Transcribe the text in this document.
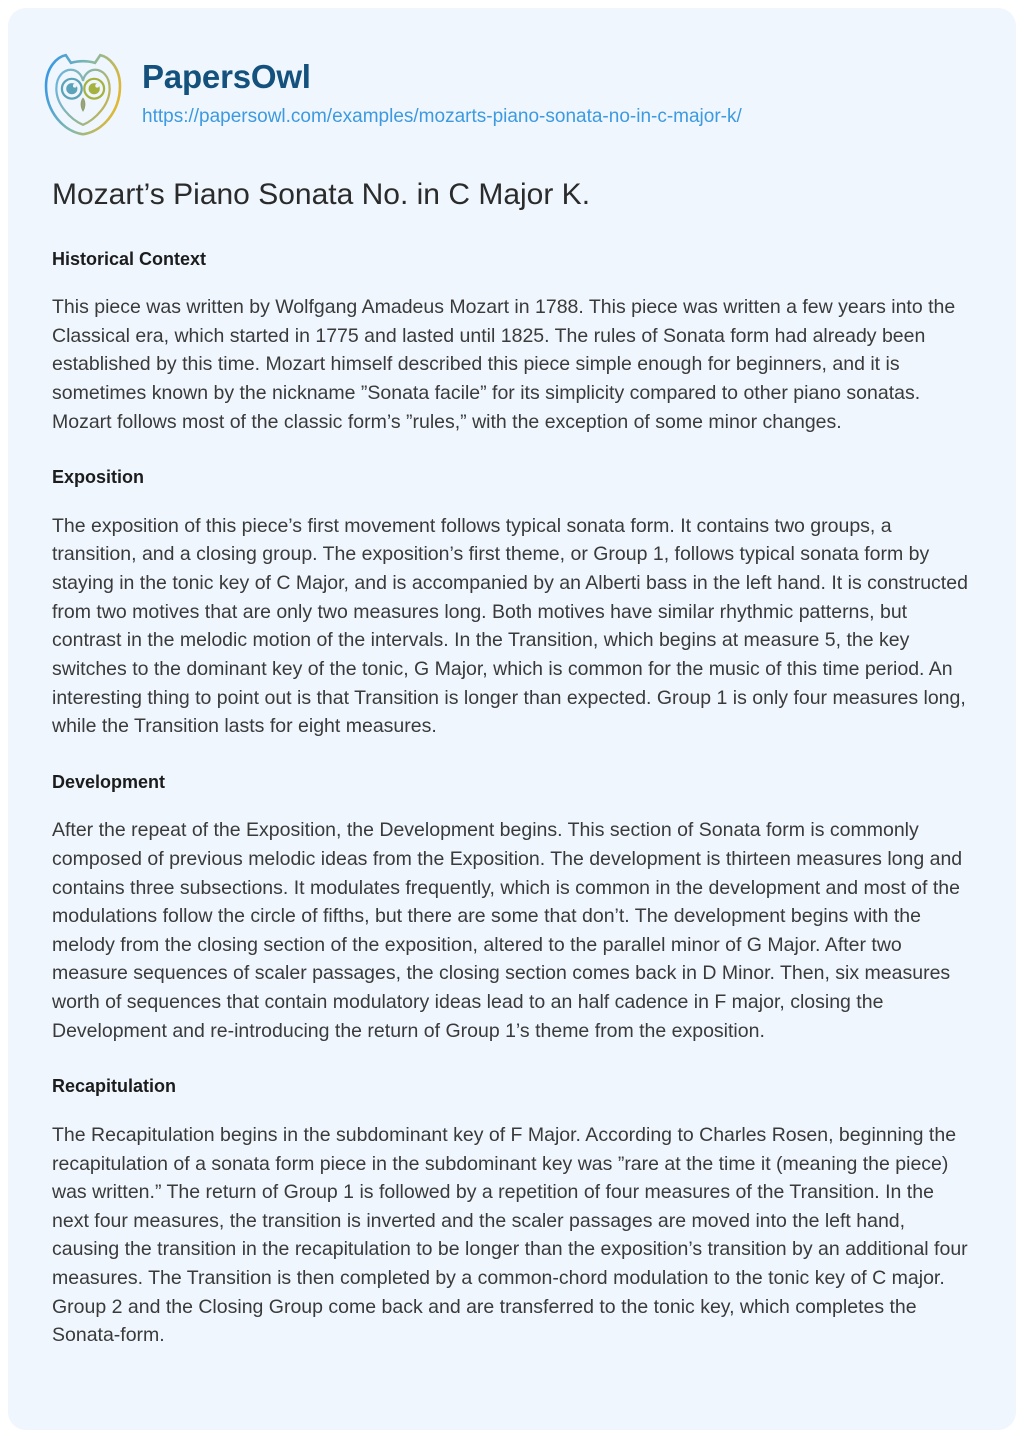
PapersOwl
https://papersowl.com/examples/mozarts-piano-sonata-no-in-c-major-k/
Mozart’s Piano Sonata No. in C Major K.
Historical Context

This piece was written by Wolfgang Amadeus Mozart in 1788. This piece was written a few years into the Classical era, which started in 1775 and lasted until 1825. The rules of Sonata form had already been established by this time. Mozart himself described this piece simple enough for beginners, and it is sometimes known by the nickname ”Sonata facile” for its simplicity compared to other piano sonatas. Mozart follows most of the classic form’s ”rules,” with the exception of some minor changes.

Exposition

The exposition of this piece’s first movement follows typical sonata form. It contains two groups, a transition, and a closing group. The exposition’s first theme, or Group 1, follows typical sonata form by staying in the tonic key of C Major, and is accompanied by an Alberti bass in the left hand. It is constructed from two motives that are only two measures long. Both motives have similar rhythmic patterns, but contrast in the melodic motion of the intervals. In the Transition, which begins at measure 5, the key switches to the dominant key of the tonic, G Major, which is common for the music of this time period. An interesting thing to point out is that Transition is longer than expected. Group 1 is only four measures long, while the Transition lasts for eight measures.

Development

After the repeat of the Exposition, the Development begins. This section of Sonata form is commonly composed of previous melodic ideas from the Exposition. The development is thirteen measures long and contains three subsections. It modulates frequently, which is common in the development and most of the modulations follow the circle of fifths, but there are some that don’t. The development begins with the melody from the closing section of the exposition, altered to the parallel minor of G Major. After two measure sequences of scaler passages, the closing section comes back in D Minor. Then, six measures worth of sequences that contain modulatory ideas lead to an half cadence in F major, closing the Development and re-introducing the return of Group 1’s theme from the exposition.

Recapitulation

The Recapitulation begins in the subdominant key of F Major. According to Charles Rosen, beginning the recapitulation of a sonata form piece in the subdominant key was ”rare at the time it (meaning the piece) was written.” The return of Group 1 is followed by a repetition of four measures of the Transition. In the next four measures, the transition is inverted and the scaler passages are moved into the left hand, causing the transition in the recapitulation to be longer than the exposition’s transition by an additional four measures. The Transition is then completed by a common-chord modulation to the tonic key of C major. Group 2 and the Closing Group come back and are transferred to the tonic key, which completes the Sonata-form.
